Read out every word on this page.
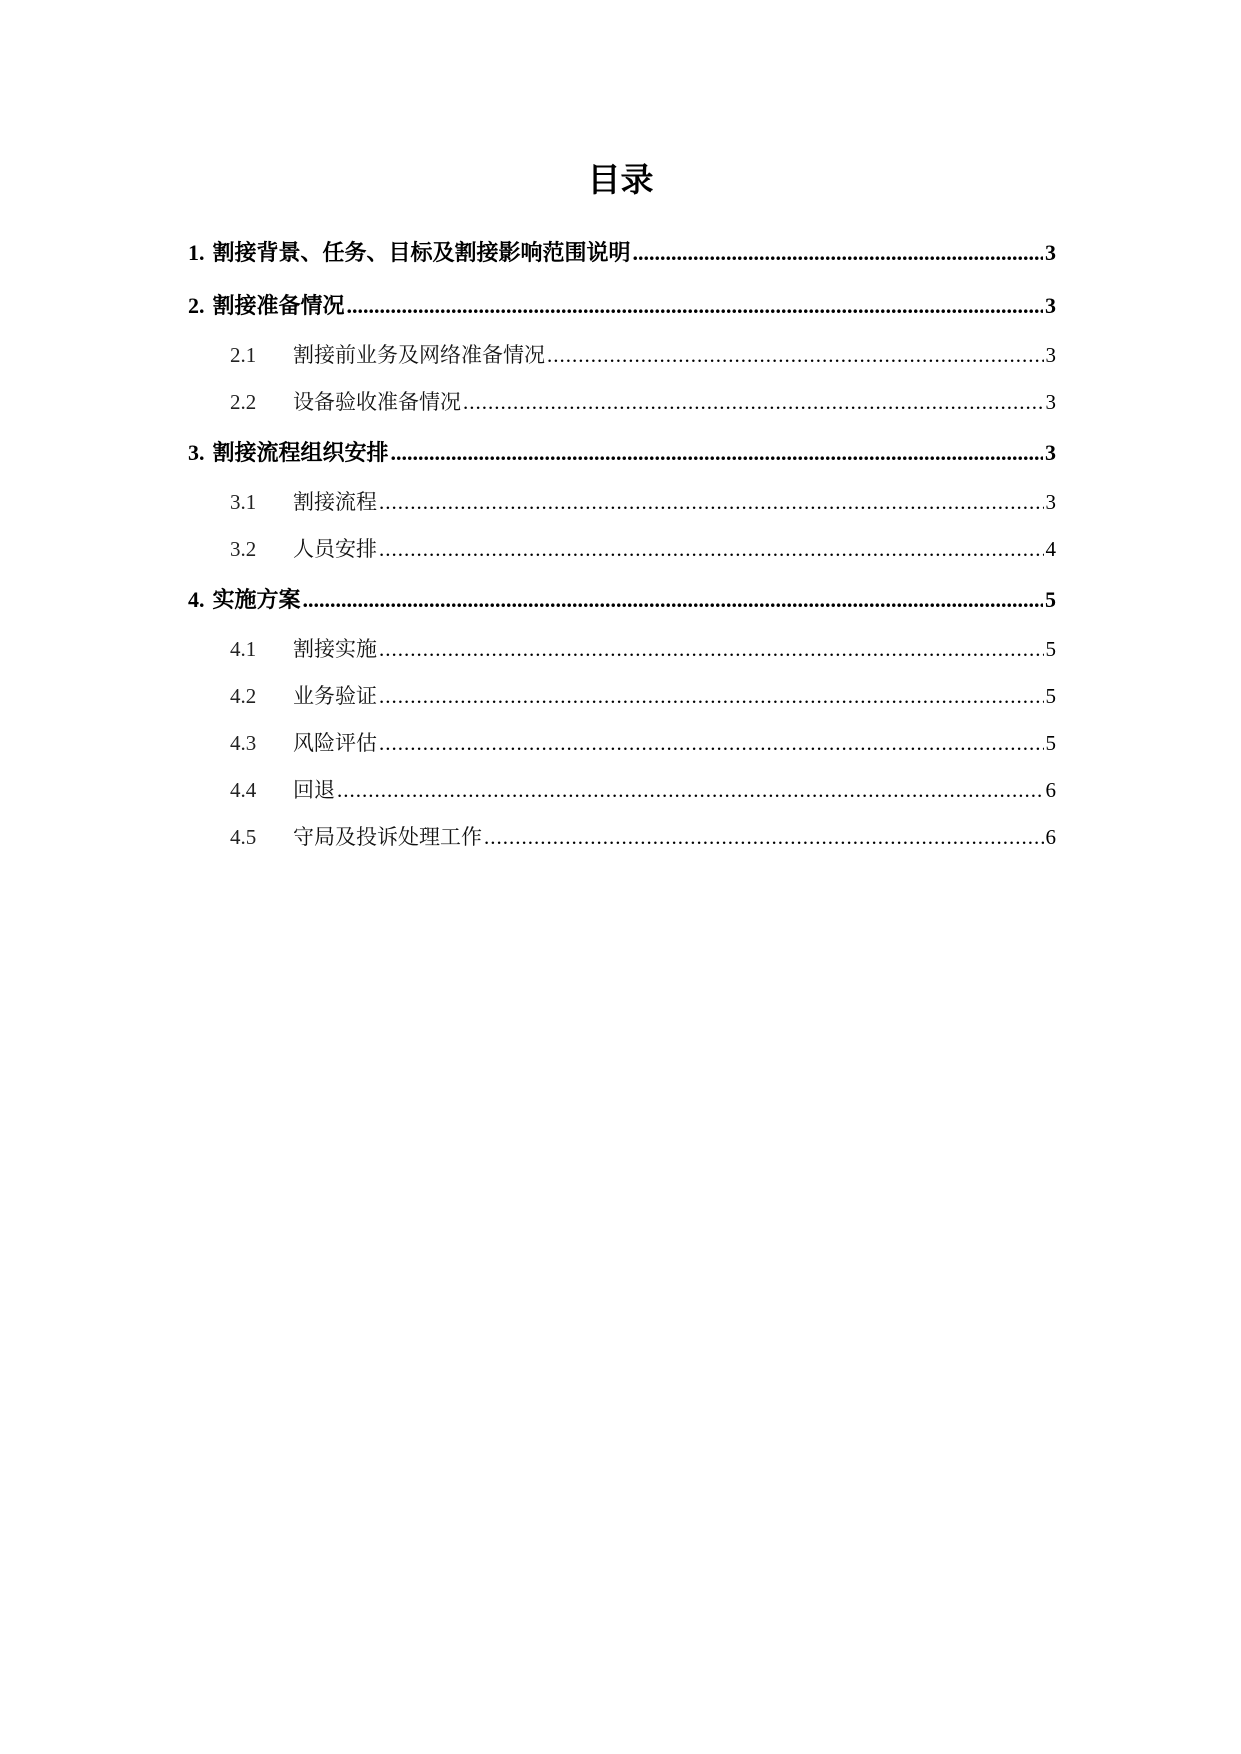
目录
1. 割接背景、任务、目标及割接影响范围说明 .....	3
2. 割接准备情况 .....	3
2.1	割接前业务及网络准备情况 .....	3
2.2	设备验收准备情况 .....	3
3. 割接流程组织安排 .....	3
3.1	割接流程 .....	3
3.2	人员安排 .....	4
4. 实施方案 .....	5
4.1	割接实施 .....	5
4.2	业务验证 .....	5
4.3	风险评估 .....	5
4.4	回退 .....	6
4.5	守局及投诉处理工作 .....	6
